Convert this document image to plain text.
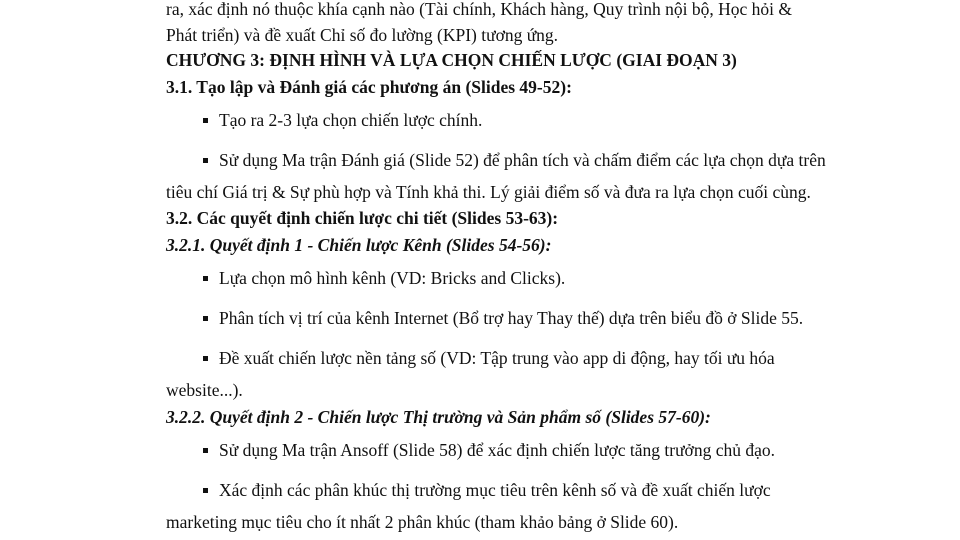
ra, xác định nó thuộc khía cạnh nào (Tài chính, Khách hàng, Quy trình nội bộ, Học hỏi &
Phát triển) và đề xuất Chỉ số đo lường (KPI) tương ứng.
CHƯƠNG 3: ĐỊNH HÌNH VÀ LỰA CHỌN CHIẾN LƯỢC (GIAI ĐOẠN 3)
3.1. Tạo lập và Đánh giá các phương án (Slides 49-52):
Tạo ra 2-3 lựa chọn chiến lược chính.
Sử dụng Ma trận Đánh giá (Slide 52) để phân tích và chấm điểm các lựa chọn dựa trên
tiêu chí Giá trị & Sự phù hợp và Tính khả thi. Lý giải điểm số và đưa ra lựa chọn cuối cùng.
3.2. Các quyết định chiến lược chi tiết (Slides 53-63):
3.2.1. Quyết định 1 - Chiến lược Kênh (Slides 54-56):
Lựa chọn mô hình kênh (VD: Bricks and Clicks).
Phân tích vị trí của kênh Internet (Bổ trợ hay Thay thế) dựa trên biểu đồ ở Slide 55.
Đề xuất chiến lược nền tảng số (VD: Tập trung vào app di động, hay tối ưu hóa
website...).
3.2.2. Quyết định 2 - Chiến lược Thị trường và Sản phẩm số (Slides 57-60):
Sử dụng Ma trận Ansoff (Slide 58) để xác định chiến lược tăng trưởng chủ đạo.
Xác định các phân khúc thị trường mục tiêu trên kênh số và đề xuất chiến lược
marketing mục tiêu cho ít nhất 2 phân khúc (tham khảo bảng ở Slide 60).
